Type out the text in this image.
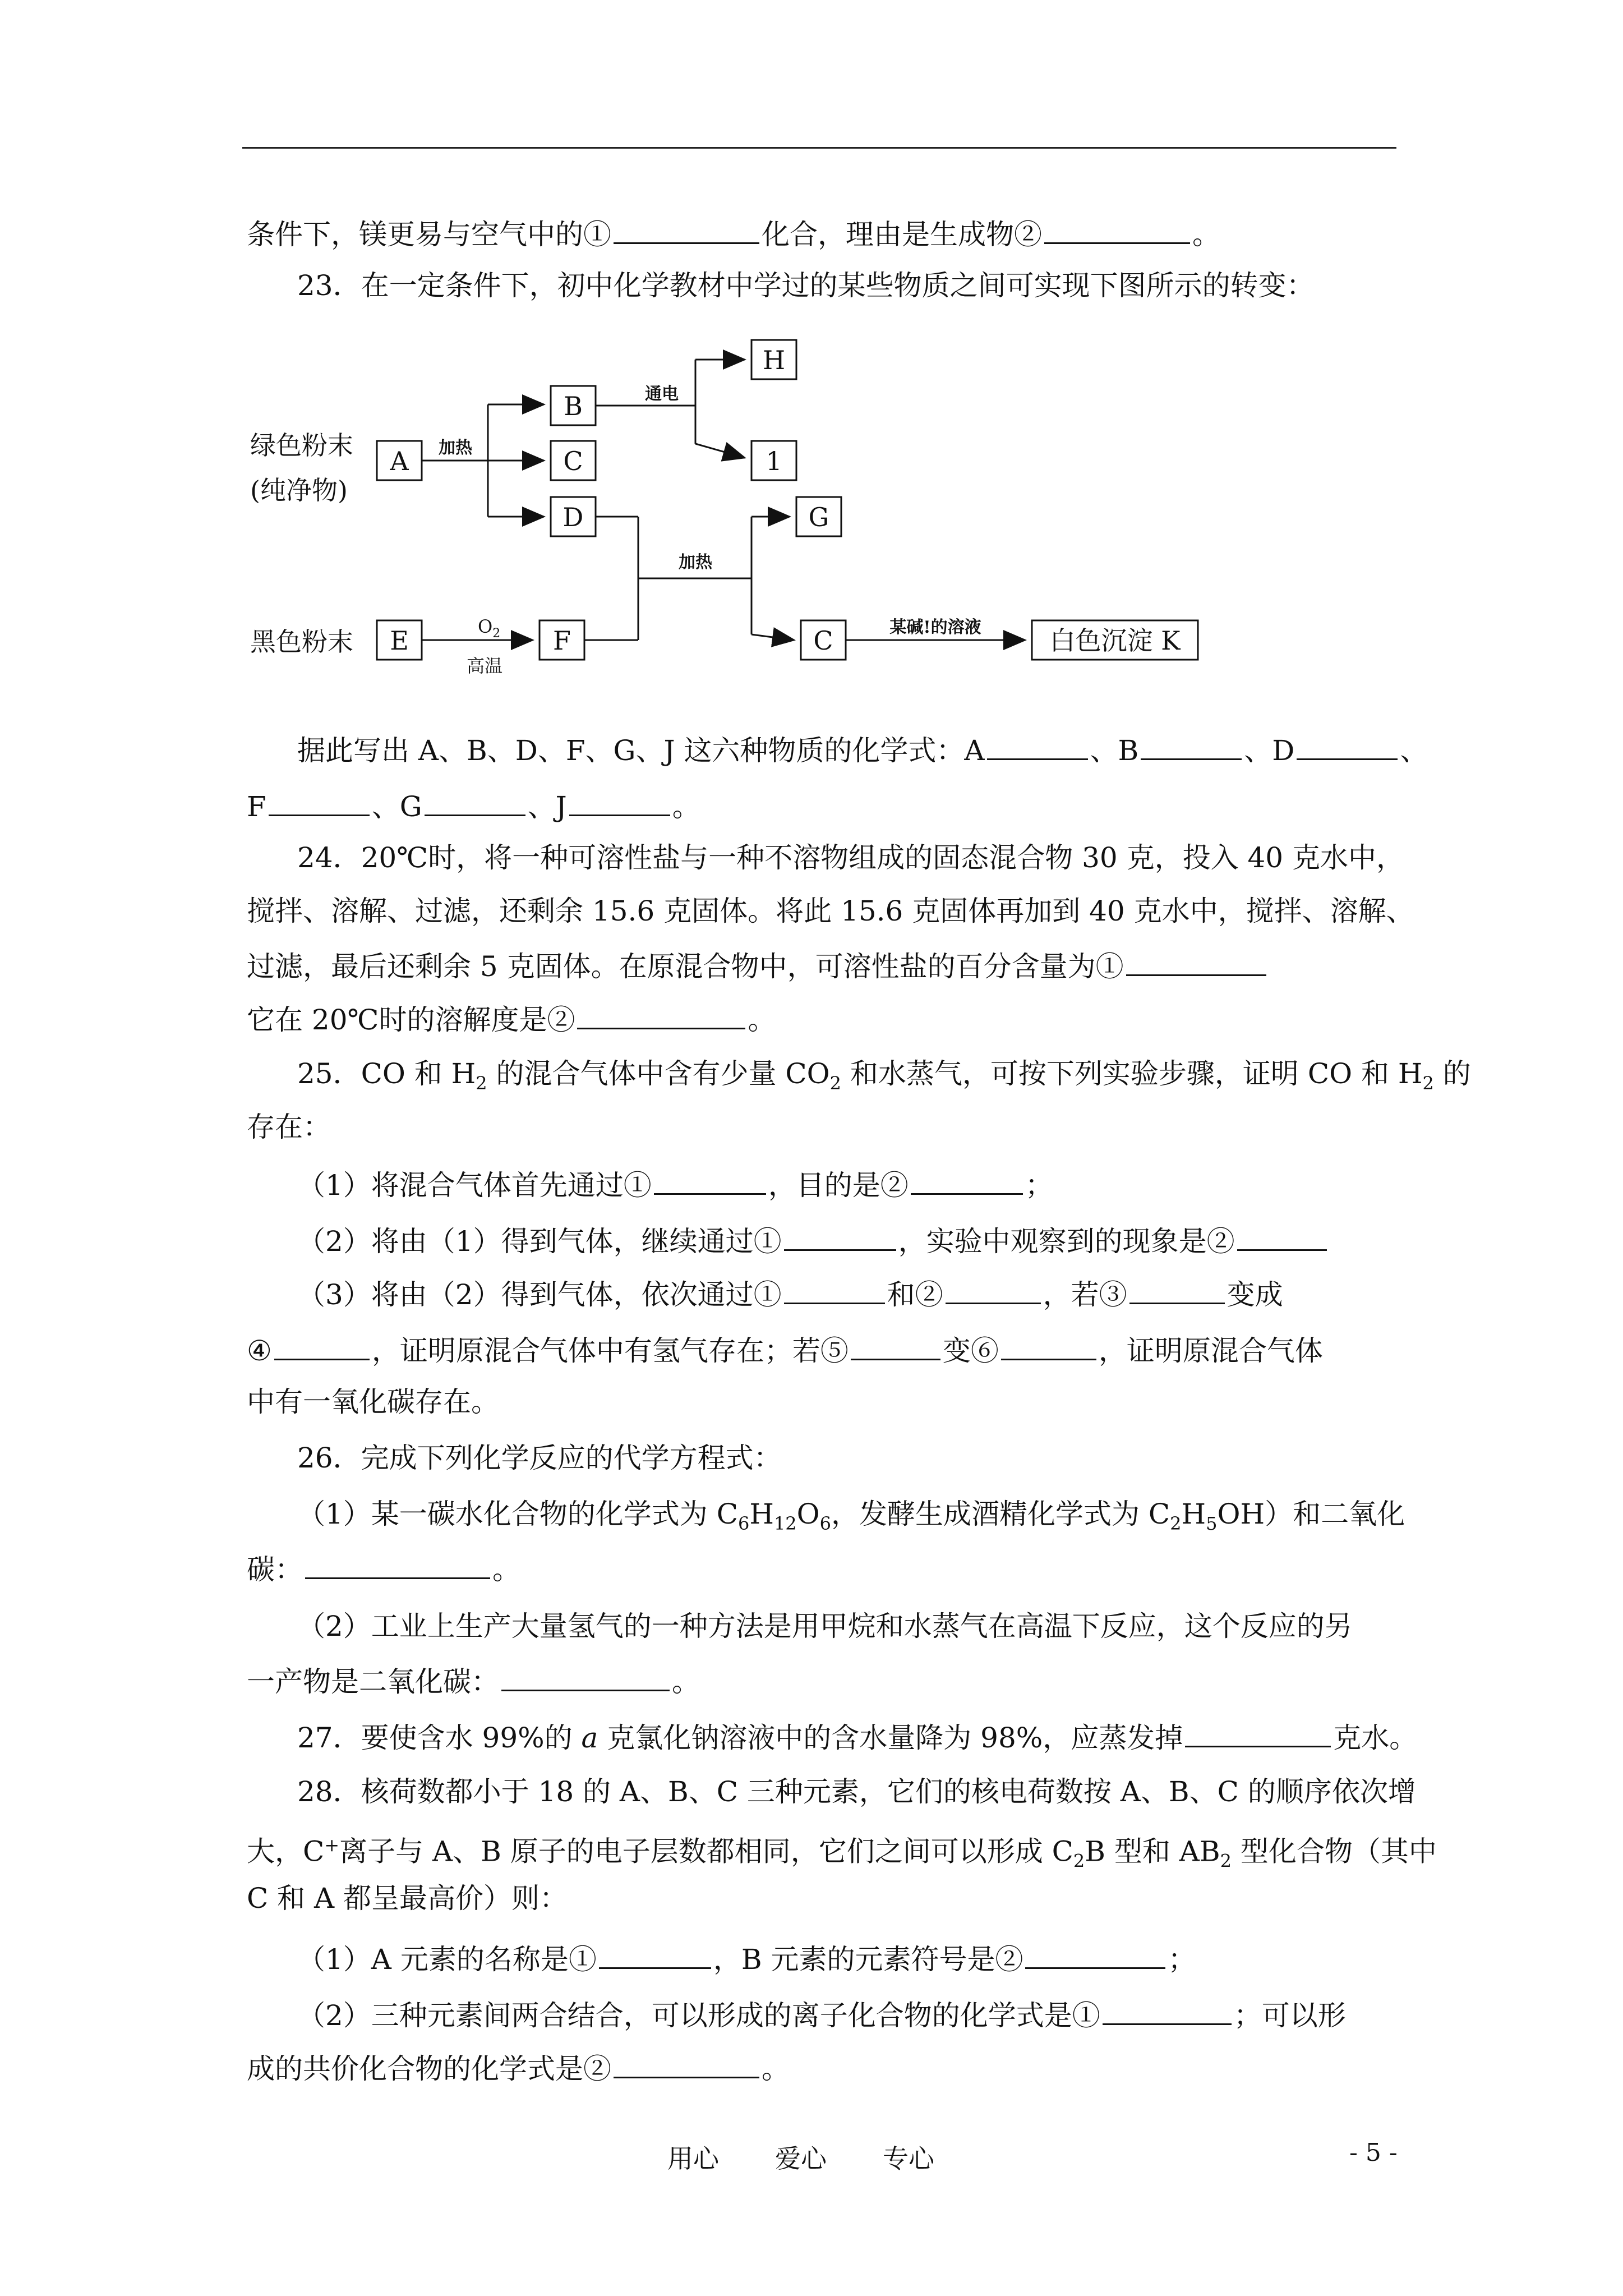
条件下，镁更易与空气中的①	化合，理由是生成物②	。
23．在一定条件下，初中化学教材中学过的某些物质之间可实现下图所示的转变：
绿色粉末
(纯净物)
黑色粉末
A
B
C
D
H
1
G
C
E	F	白色沉淀 K
加热
通电
加热
某碱!的溶液
$O_2$
高温
据此写出 A、B、D、F、G、J 这六种物质的化学式：A	、B	、D	、
F	、G	、J	。
24．20℃时，将一种可溶性盐与一种不溶物组成的固态混合物 30 克，投入 40 克水中，
搅拌、溶解、过滤，还剩余 15.6 克固体。将此 15.6 克固体再加到 40 克水中，搅拌、溶解、
过滤，最后还剩余 5 克固体。在原混合物中，可溶性盐的百分含量为①
它在 20℃时的溶解度是②	。
25．CO 和 $H_2$ 的混合气体中含有少量 $CO_2$ 和水蒸气，可按下列实验步骤，证明 CO 和 $H_2$ 的
存在：
（1）将混合气体首先通过①	，目的是②	；
（2）将由（1）得到气体，继续通过①	，实验中观察到的现象是②
（3）将由（2）得到气体，依次通过①	和②	，若③	变成
④	，证明原混合气体中有氢气存在；若⑤	变⑥	，证明原混合气体
中有一氧化碳存在。
26．完成下列化学反应的代学方程式：
（1）某一碳水化合物的化学式为 $C_6H_{12}O_6$，发酵生成酒精化学式为 $C_2H_5OH$）和二氧化
碳：	。
（2）工业上生产大量氢气的一种方法是用甲烷和水蒸气在高温下反应，这个反应的另
一产物是二氧化碳：	。
27．要使含水 99%的 a 克氯化钠溶液中的含水量降为 98%，应蒸发掉	克水。
28．核荷数都小于 18 的 A、B、C 三种元素，它们的核电荷数按 A、B、C 的顺序依次增
大，C+离子与 A、B 原子的电子层数都相同，它们之间可以形成 $C_2B$ 型和 $AB_2$ 型化合物（其中
C 和 A 都呈最高价）则：
（1）A 元素的名称是①	，B 元素的元素符号是②	；
（2）三种元素间两合结合，可以形成的离子化合物的化学式是①	；可以形
成的共价化合物的化学式是②	。
用心 爱心 专心	- 5 -
